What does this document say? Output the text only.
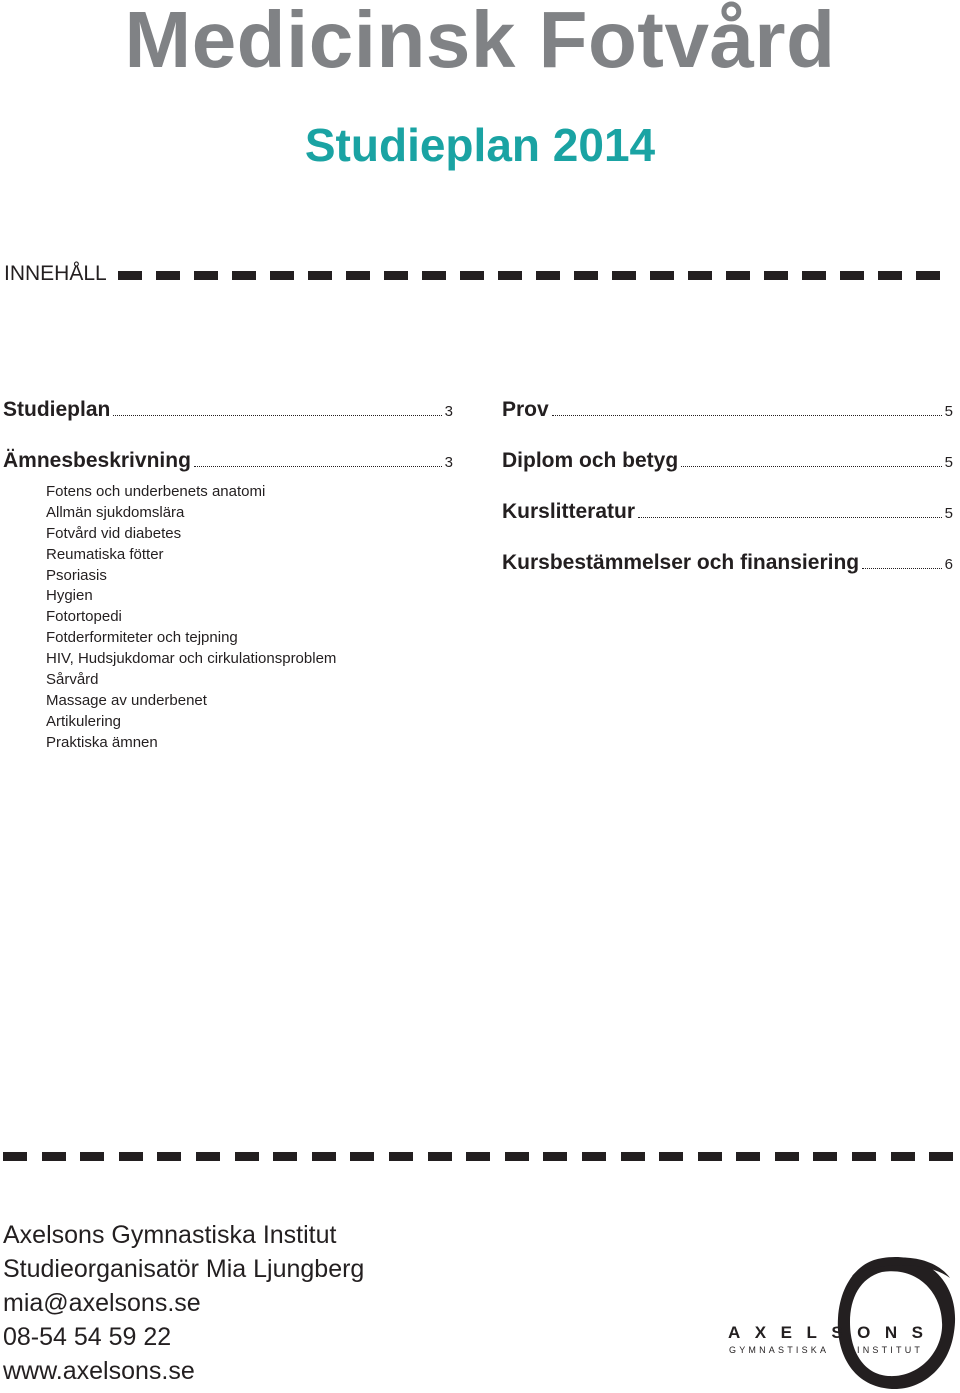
Medicinsk Fotvård
Studieplan 2014
INNEHÅLL
Studieplan	3
Ämnesbeskrivning	3
Fotens och underbenets anatomi
Allmän sjukdomslära
Fotvård vid diabetes
Reumatiska fötter
Psoriasis
Hygien
Fotortopedi
Fotderformiteter och tejpning
HIV, Hudsjukdomar och cirkulationsproblem
Sårvård
Massage av underbenet
Artikulering
Praktiska ämnen
Prov	5
Diplom och betyg	5
Kurslitteratur	5
Kursbestämmelser och finansiering	6
Axelsons Gymnastiska Institut
Studieorganisatör Mia Ljungberg
mia@axelsons.se
08-54 54 59 22
www.axelsons.se
AXELSONS
GYMNASTISKA	INSTITUT
